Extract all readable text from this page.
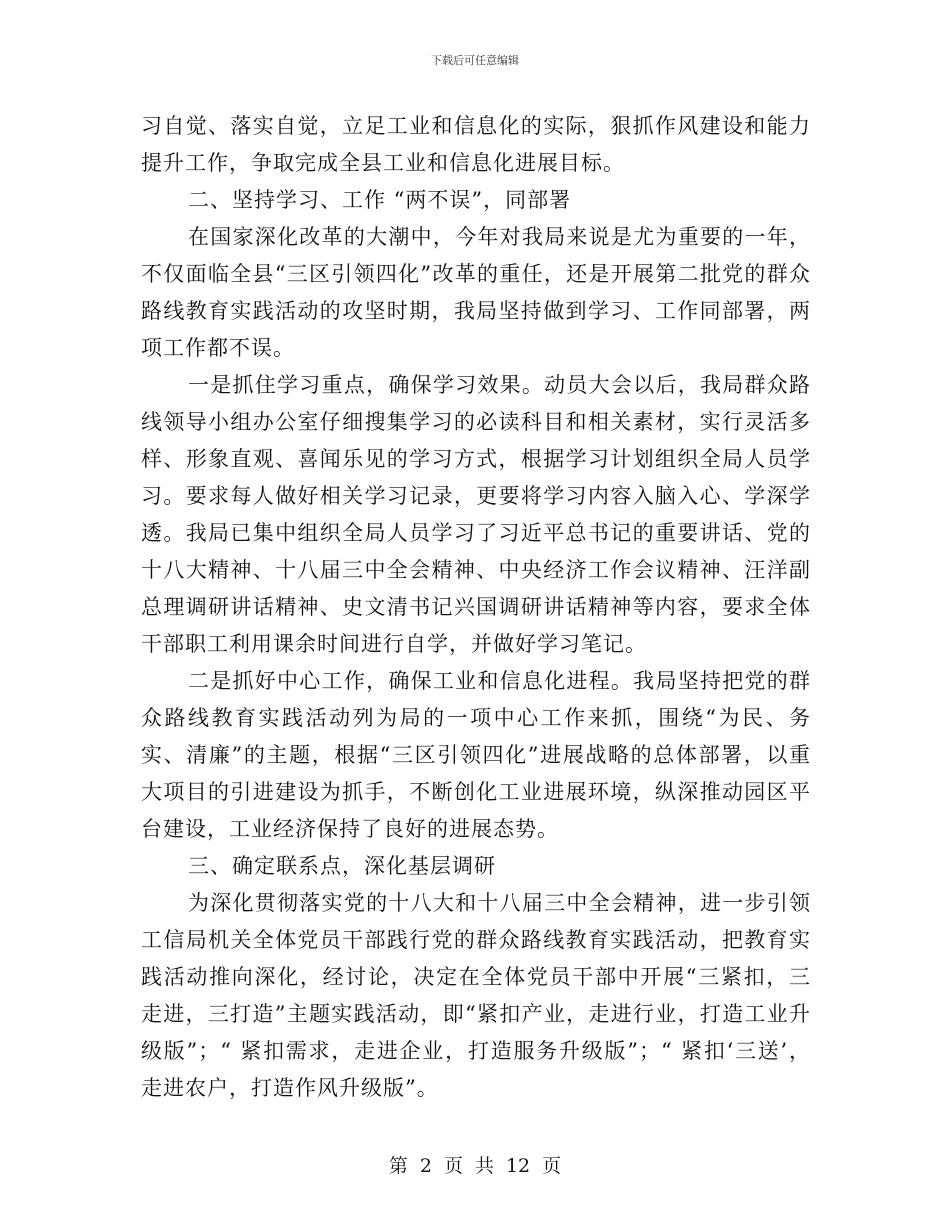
下载后可任意编辑

习自觉、落实自觉，立足工业和信息化的实际，狠抓作风建设和能力提升工作，争取完成全县工业和信息化进展目标。

二、坚持学习、工作 “两不误”，同部署

在国家深化改革的大潮中，今年对我局来说是尤为重要的一年，不仅面临全县“三区引领四化”改革的重任，还是开展第二批党的群众路线教育实践活动的攻坚时期，我局坚持做到学习、工作同部署，两项工作都不误。

一是抓住学习重点，确保学习效果。动员大会以后，我局群众路线领导小组办公室仔细搜集学习的必读科目和相关素材，实行灵活多样、形象直观、喜闻乐见的学习方式，根据学习计划组织全局人员学习。要求每人做好相关学习记录，更要将学习内容入脑入心、学深学透。我局已集中组织全局人员学习了习近平总书记的重要讲话、党的十八大精神、十八届三中全会精神、中央经济工作会议精神、汪洋副总理调研讲话精神、史文清书记兴国调研讲话精神等内容，要求全体干部职工利用课余时间进行自学，并做好学习笔记。

二是抓好中心工作，确保工业和信息化进程。我局坚持把党的群众路线教育实践活动列为局的一项中心工作来抓，围绕“为民、务实、清廉”的主题，根据“三区引领四化”进展战略的总体部署，以重大项目的引进建设为抓手，不断创化工业进展环境，纵深推动园区平台建设，工业经济保持了良好的进展态势。

三、确定联系点，深化基层调研

为深化贯彻落实党的十八大和十八届三中全会精神，进一步引领工信局机关全体党员干部践行党的群众路线教育实践活动，把教育实践活动推向深化，经讨论，决定在全体党员干部中开展“三紧扣，三走进，三打造”主题实践活动，即“紧扣产业，走进行业，打造工业升级版”；“ 紧扣需求，走进企业，打造服务升级版”；“ 紧扣‘三送’，走进农户，打造作风升级版”。

第 2 页 共 12 页
